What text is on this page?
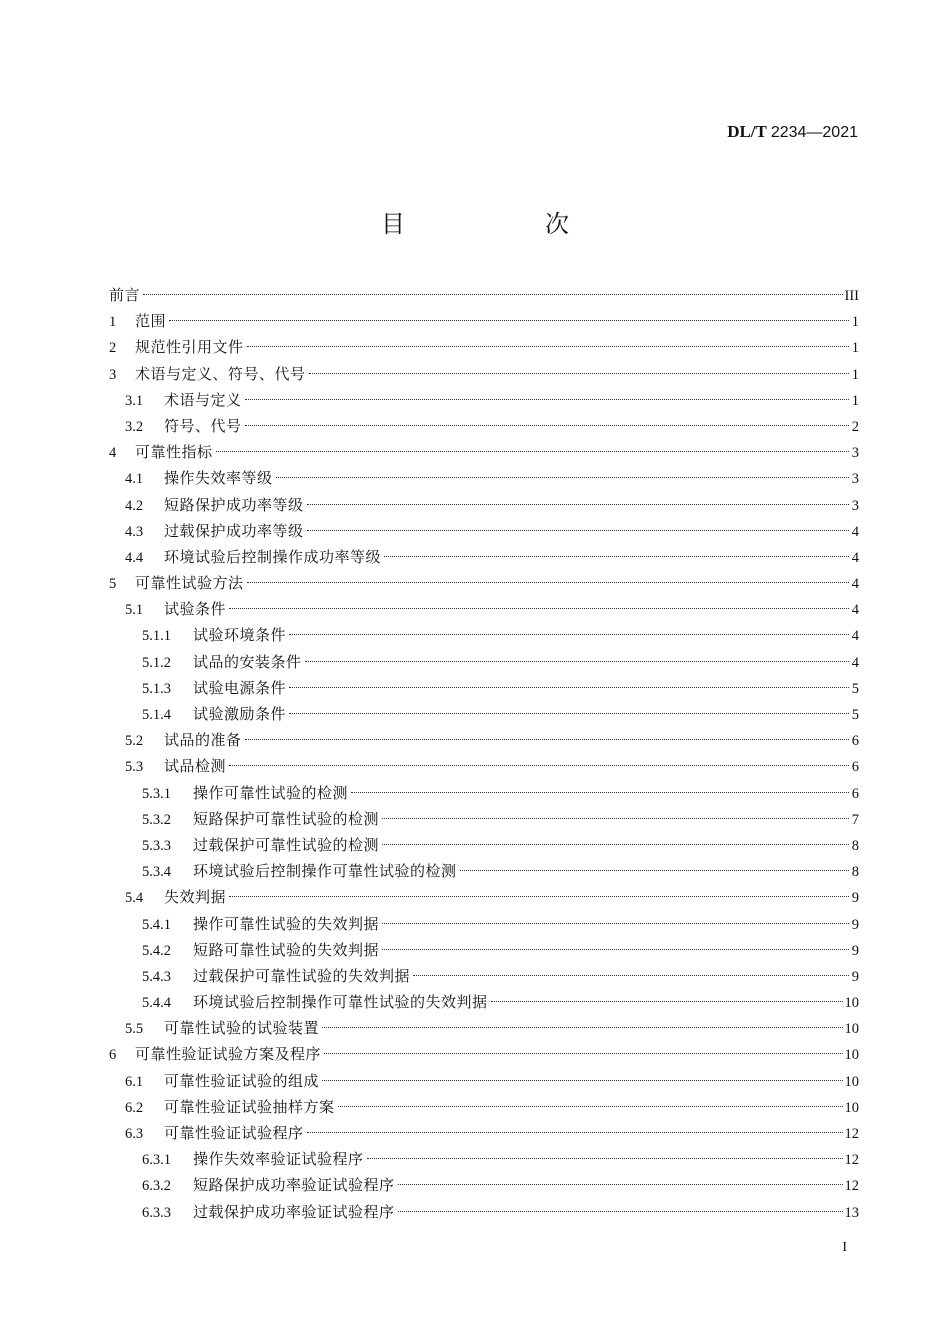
DL/T 2234—2021
目　次
前言	III
1	范围	1
2	规范性引用文件	1
3	术语与定义、符号、代号	1
3.1	术语与定义	1
3.2	符号、代号	2
4	可靠性指标	3
4.1	操作失效率等级	3
4.2	短路保护成功率等级	3
4.3	过载保护成功率等级	4
4.4	环境试验后控制操作成功率等级	4
5	可靠性试验方法	4
5.1	试验条件	4
5.1.1	试验环境条件	4
5.1.2	试品的安装条件	4
5.1.3	试验电源条件	5
5.1.4	试验激励条件	5
5.2	试品的准备	6
5.3	试品检测	6
5.3.1	操作可靠性试验的检测	6
5.3.2	短路保护可靠性试验的检测	7
5.3.3	过载保护可靠性试验的检测	8
5.3.4	环境试验后控制操作可靠性试验的检测	8
5.4	失效判据	9
5.4.1	操作可靠性试验的失效判据	9
5.4.2	短路可靠性试验的失效判据	9
5.4.3	过载保护可靠性试验的失效判据	9
5.4.4	环境试验后控制操作可靠性试验的失效判据	10
5.5	可靠性试验的试验装置	10
6	可靠性验证试验方案及程序	10
6.1	可靠性验证试验的组成	10
6.2	可靠性验证试验抽样方案	10
6.3	可靠性验证试验程序	12
6.3.1	操作失效率验证试验程序	12
6.3.2	短路保护成功率验证试验程序	12
6.3.3	过载保护成功率验证试验程序	13
I
